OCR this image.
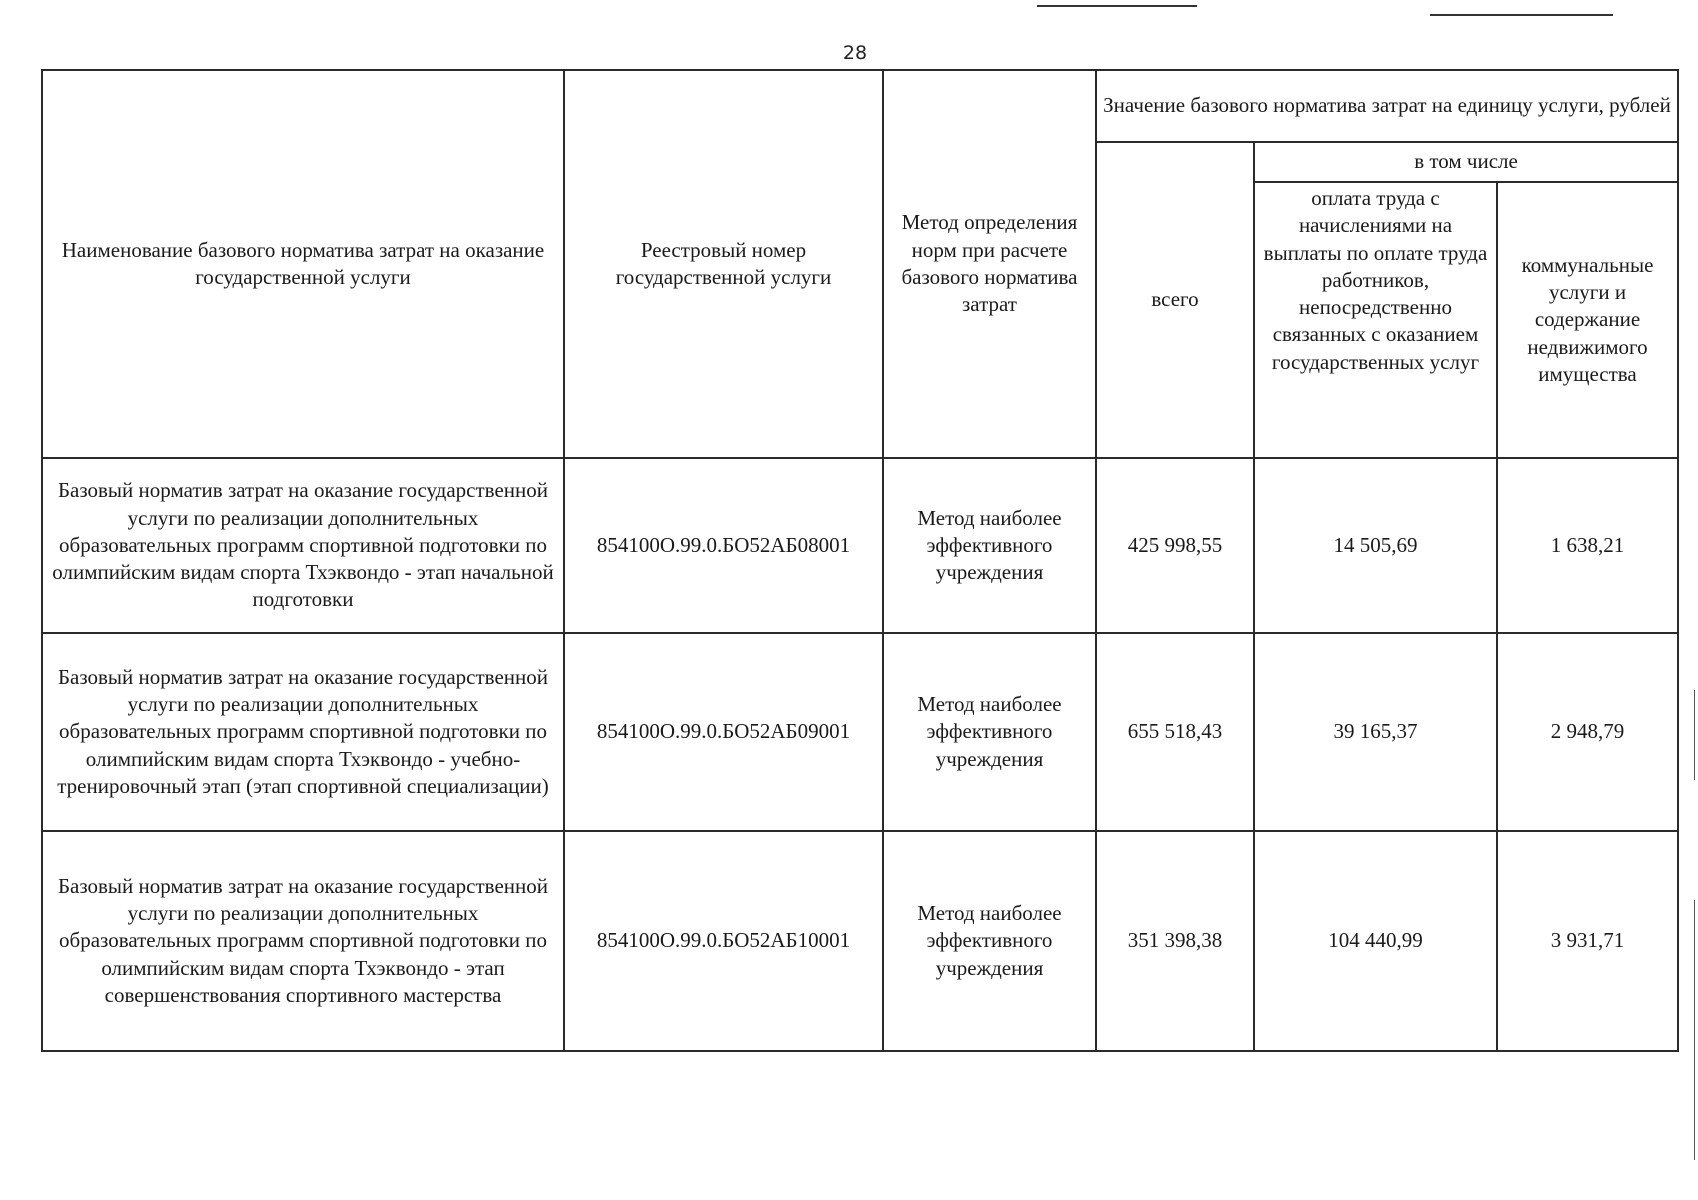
28
Наименование базового норматива затрат на оказание государственной услуги	Реестровый номер государственной услуги	Метод определения норм при расчете базового норматива затрат	Значение базового норматива затрат на единицу услуги, рублей		
			всего	в том числе	
				оплата труда с начислениями на выплаты по оплате труда работников, непосредственно связанных с оказанием государственных услуг	коммунальные услуги и содержание недвижимого имущества
Базовый норматив затрат на оказание государственной услуги по реализации дополнительных образовательных программ спортивной подготовки по олимпийским видам спорта Тхэквондо - этап начальной подготовки	854100О.99.0.БО52АБ08001	Метод наиболее эффективного учреждения	425 998,55	14 505,69	1 638,21
Базовый норматив затрат на оказание государственной услуги по реализации дополнительных образовательных программ спортивной подготовки по олимпийским видам спорта Тхэквондо - учебно-тренировочный этап (этап спортивной специализации)	854100О.99.0.БО52АБ09001	Метод наиболее эффективного учреждения	655 518,43	39 165,37	2 948,79
Базовый норматив затрат на оказание государственной услуги по реализации дополнительных образовательных программ спортивной подготовки по олимпийским видам спорта Тхэквондо - этап совершенствования спортивного мастерства	854100О.99.0.БО52АБ10001	Метод наиболее эффективного учреждения	351 398,38	104 440,99	3 931,71
